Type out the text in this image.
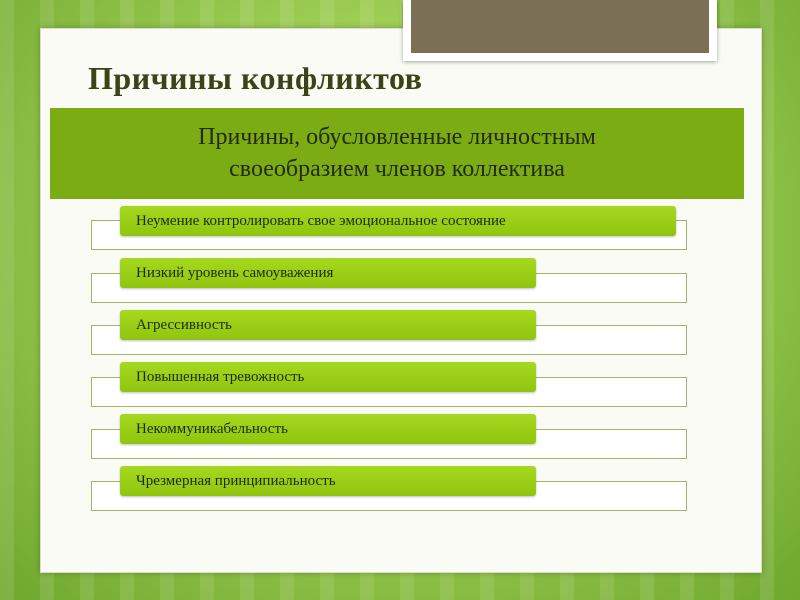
Причины конфликтов
Причины, обусловленные личностным
своеобразием членов коллектива
Неумение контролировать свое эмоциональное состояние
Низкий уровень самоуважения
Агрессивность
Повышенная тревожность
Некоммуникабельность
Чрезмерная принципиальность
